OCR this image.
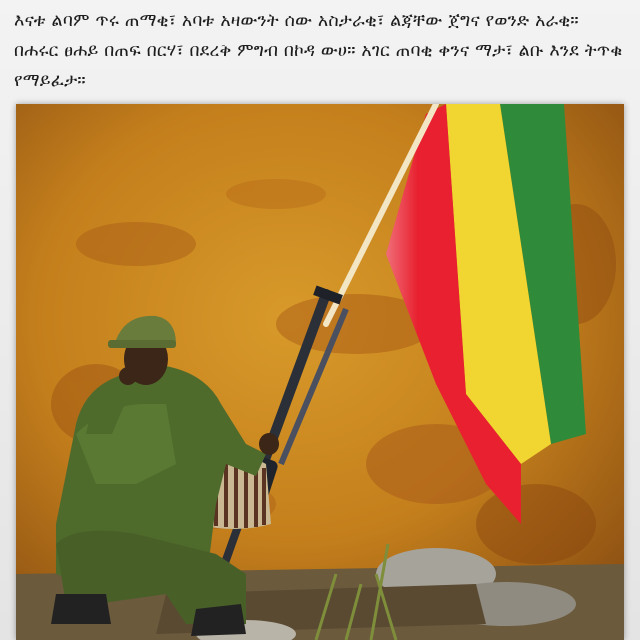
እናቱ ልባም ጥሩ ጠማቂ፣ አባቱ አዛውንት ሰው አስታራቂ፣ ልጃቸው ጀግና የወንድ አራቂ። በሐሩር ፀሐይ በጠፍ በርሃ፣ በደረቅ ምግብ በኮዳ ውሀ። አገር ጠባቂ ቀንና ማታ፣ ልቡ እንደ ትጥቁ የማይፈታ።
